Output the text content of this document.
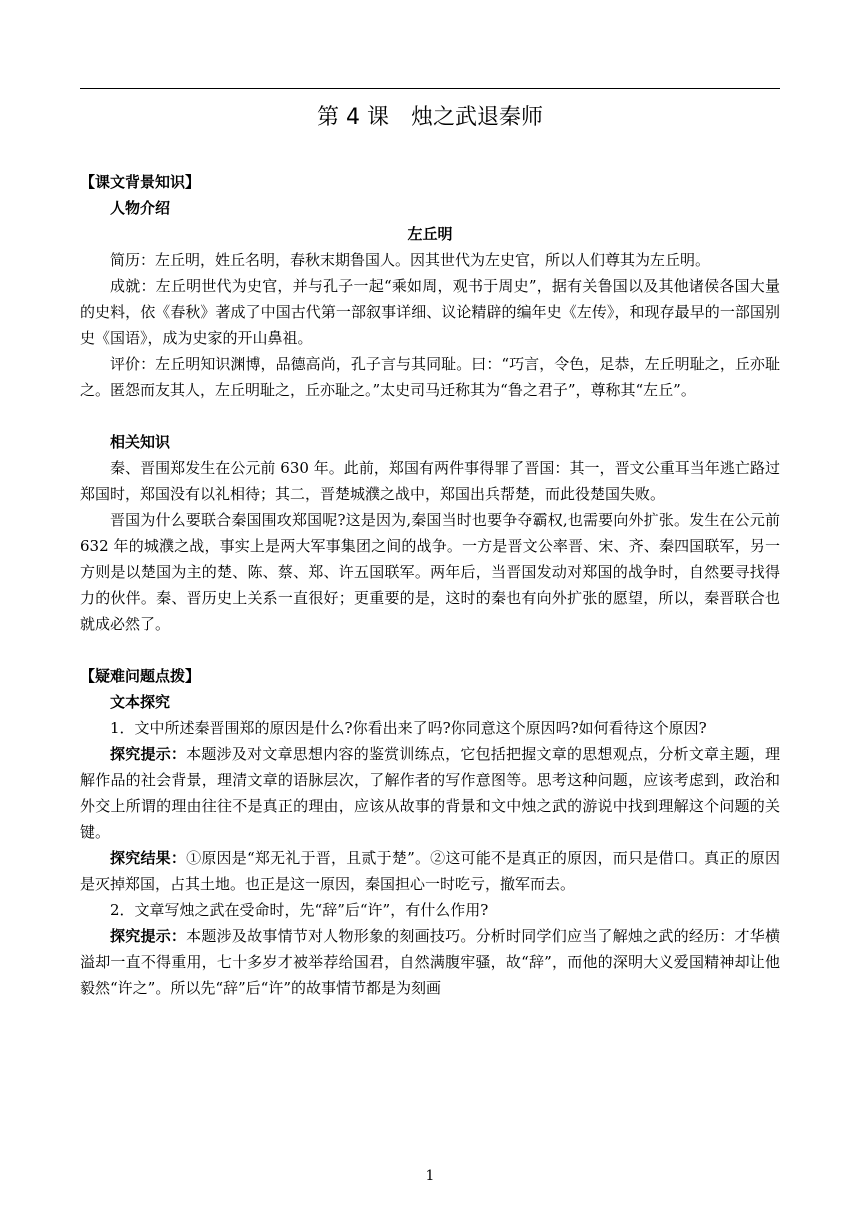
第 4 课　烛之武退秦师

【课文背景知识】

人物介绍

左丘明

简历：左丘明，姓丘名明，春秋末期鲁国人。因其世代为左史官，所以人们尊其为左丘明。

成就：左丘明世代为史官，并与孔子一起“乘如周，观书于周史”，据有关鲁国以及其他诸侯各国大量的史料，依《春秋》著成了中国古代第一部叙事详细、议论精辟的编年史《左传》，和现存最早的一部国别史《国语》，成为史家的开山鼻祖。

评价：左丘明知识渊博，品德高尚，孔子言与其同耻。曰：“巧言，令色，足恭，左丘明耻之，丘亦耻之。匿怨而友其人，左丘明耻之，丘亦耻之。”太史司马迁称其为“鲁之君子”，尊称其“左丘”。

相关知识

秦、晋围郑发生在公元前 630 年。此前，郑国有两件事得罪了晋国：其一，晋文公重耳当年逃亡路过郑国时，郑国没有以礼相待；其二，晋楚城濮之战中，郑国出兵帮楚，而此役楚国失败。

晋国为什么要联合秦国围攻郑国呢?这是因为,秦国当时也要争夺霸权,也需要向外扩张。发生在公元前 632 年的城濮之战，事实上是两大军事集团之间的战争。一方是晋文公率晋、宋、齐、秦四国联军，另一方则是以楚国为主的楚、陈、蔡、郑、许五国联军。两年后，当晋国发动对郑国的战争时，自然要寻找得力的伙伴。秦、晋历史上关系一直很好；更重要的是，这时的秦也有向外扩张的愿望，所以，秦晋联合也就成必然了。

【疑难问题点拨】

文本探究

1．文中所述秦晋围郑的原因是什么?你看出来了吗?你同意这个原因吗?如何看待这个原因?

探究提示：本题涉及对文章思想内容的鉴赏训练点，它包括把握文章的思想观点，分析文章主题，理解作品的社会背景，理清文章的语脉层次，了解作者的写作意图等。思考这种问题，应该考虑到，政治和外交上所谓的理由往往不是真正的理由，应该从故事的背景和文中烛之武的游说中找到理解这个问题的关键。

探究结果：①原因是“郑无礼于晋，且贰于楚”。②这可能不是真正的原因，而只是借口。真正的原因是灭掉郑国，占其土地。也正是这一原因，秦国担心一时吃亏，撤军而去。

2．文章写烛之武在受命时，先“辞”后“许”，有什么作用?

探究提示：本题涉及故事情节对人物形象的刻画技巧。分析时同学们应当了解烛之武的经历：才华横溢却一直不得重用，七十多岁才被举荐给国君，自然满腹牢骚，故“辞”，而他的深明大义爱国精神却让他毅然“许之”。所以先“辞”后“许”的故事情节都是为刻画

1
